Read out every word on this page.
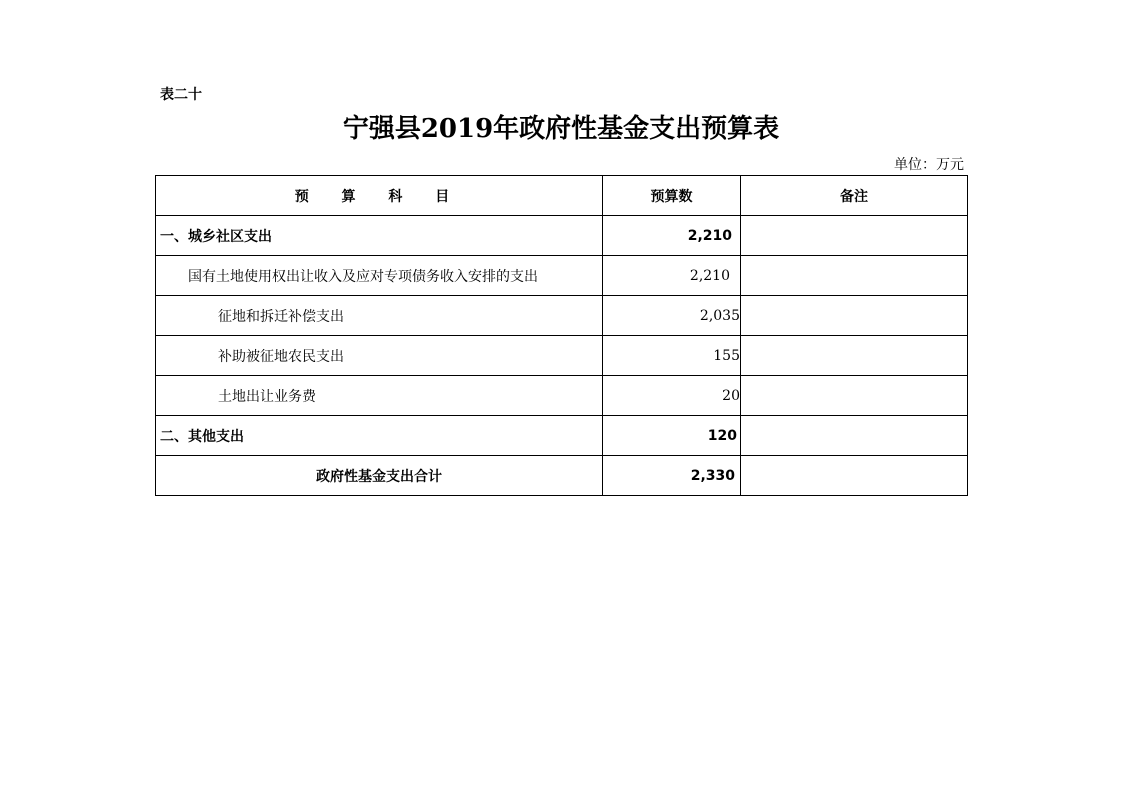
表二十
宁强县2019年政府性基金支出预算表
单位：万元
预 算 科 目	预算数	备注
一、城乡社区支出	2,210	
国有土地使用权出让收入及应对专项债务收入安排的支出	2,210	
征地和拆迁补偿支出	2,035	
补助被征地农民支出	155	
土地出让业务费	20	
二、其他支出	120	
政府性基金支出合计	2,330	
